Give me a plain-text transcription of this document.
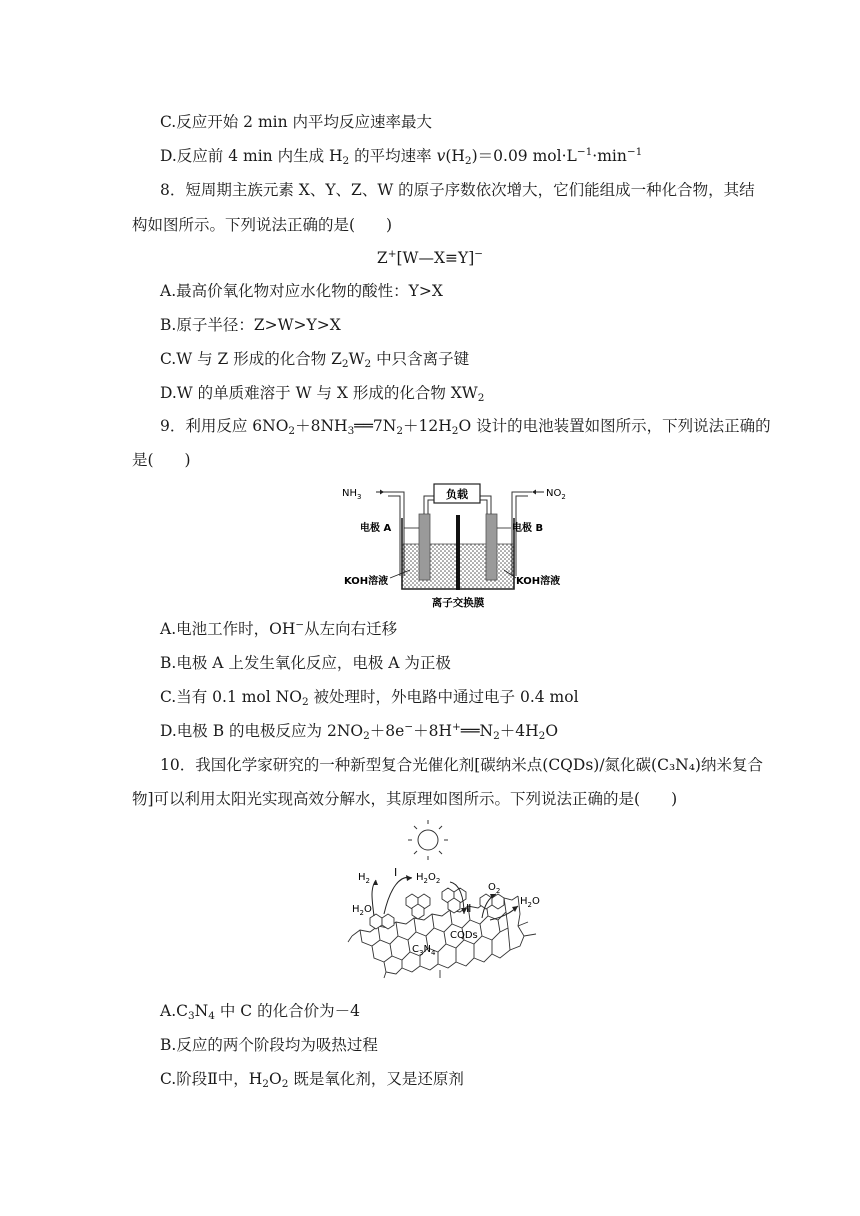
C.反应开始 2 min 内平均反应速率最大
D.反应前 4 min 内生成 $H_2$ 的平均速率 $v(H_2)=0.09$ $mol\cdot L^{-1}\cdot\min^{-1}$
8．短周期主族元素 X、Y、Z、W 的原子序数依次增大，它们能组成一种化合物，其结
构如图所示。下列说法正确的是(　　)
Z+[W—X≡Y]−
A.最高价氧化物对应水化物的酸性：Y>X
B.原子半径：Z>W>Y>X
C.W 与 Z 形成的化合物 $Z_2W_2$ 中只含离子键
D.W 的单质难溶于 W 与 X 形成的化合物 $XW_2$
9．利用反应 $6NO_2+8NH_3══7N_2+12H_2O$ 设计的电池装置如图所示，下列说法正确的
是(　　)
负载
$NH_3$	$NO_2$
电极 A	电极 B
KOH溶液	KOH溶液
离子交换膜
A.电池工作时，OH−从左向右迁移
B.电极 A 上发生氧化反应，电极 A 为正极
C.当有 0.1 mol $NO_2$ 被处理时，外电路中通过电子 0.4 mol
D.电极 B 的电极反应为 $2NO_2+8e^-+8H^+══N_2+4H_2O$
10．我国化学家研究的一种新型复合光催化剂[碳纳米点(CQDs)/氮化碳(C₃N₄)纳米复合
物]可以利用太阳光实现高效分解水，其原理如图所示。下列说法正确的是(　　)
$H_2$
I $H_2O_2$
$O_2$
$H_2O$	Ⅱ
$H_2O$
CQDs
$C_3N_4$
$A.C_3N_4$ 中 C 的化合价为－4
B.反应的两个阶段均为吸热过程
C.阶段Ⅱ中，$H_2O_2$ 既是氧化剂，又是还原剂
